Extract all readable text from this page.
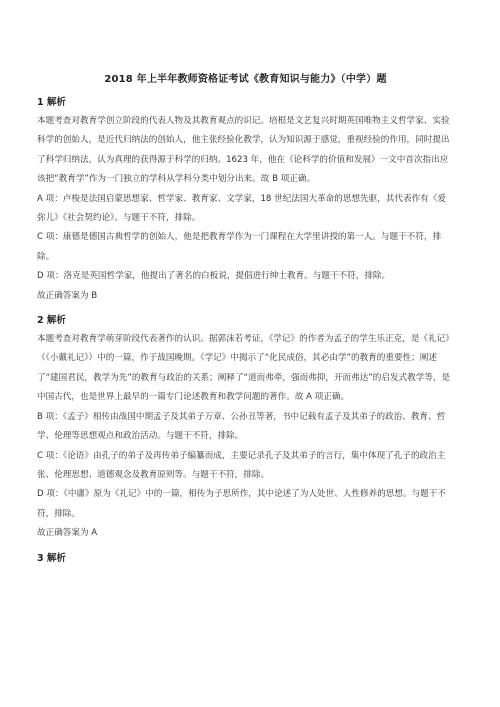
2018 年上半年教师资格证考试《教育知识与能力》（中学）题
1 解析

本题考查对教育学创立阶段的代表人物及其教育观点的识记。培根是文艺复兴时期英国唯物主义哲学家、实验科学的创始人，是近代归纳法的创始人，他主张经验化教学，认为知识源于感觉，重视经验的作用，同时提出了科学归纳法，认为真理的获得源于科学的归纳。1623 年，他在《论科学的价值和发展》一文中首次指出应该把“教育学”作为一门独立的学科从学科分类中划分出来。故 B 项正确。

A 项：卢梭是法国启蒙思想家、哲学家、教育家、文学家，18 世纪法国大革命的思想先驱，其代表作有《爱弥儿》《社会契约论》。与题干不符，排除。

C 项：康德是德国古典哲学的创始人，他是把教育学作为一门课程在大学里讲授的第一人。与题干不符，排除。

D 项：洛克是英国哲学家，他提出了著名的白板说，提倡进行绅士教育。与题干不符，排除。

故正确答案为 B

2 解析

本题考查对教育学萌芽阶段代表著作的认识。据郭沫若考证，《学记》的作者为孟子的学生乐正克，是《礼记》（《小戴礼记》）中的一篇，作于战国晚期。《学记》中揭示了“化民成俗，其必由学”的教育的重要性；阐述了“建国君民，教学为先”的教育与政治的关系；阐释了“道而弗牵，强而弗抑，开而弗达”的启发式教学等，是中国古代，也是世界上最早的一篇专门论述教育和教学问题的著作。故 A 项正确。

B 项：《孟子》相传由战国中期孟子及其弟子万章、公孙丑等著，书中记载有孟子及其弟子的政治、教育、哲学、伦理等思想观点和政治活动。与题干不符，排除。

C 项：《论语》由孔子的弟子及再传弟子编纂而成，主要记录孔子及其弟子的言行，集中体现了孔子的政治主张、伦理思想、道德观念及教育原则等。与题干不符，排除。

D 项：《中庸》原为《礼记》中的一篇，相传为子思所作，其中论述了为人处世、人性修养的思想。与题干不符，排除。

故正确答案为 A

3 解析
